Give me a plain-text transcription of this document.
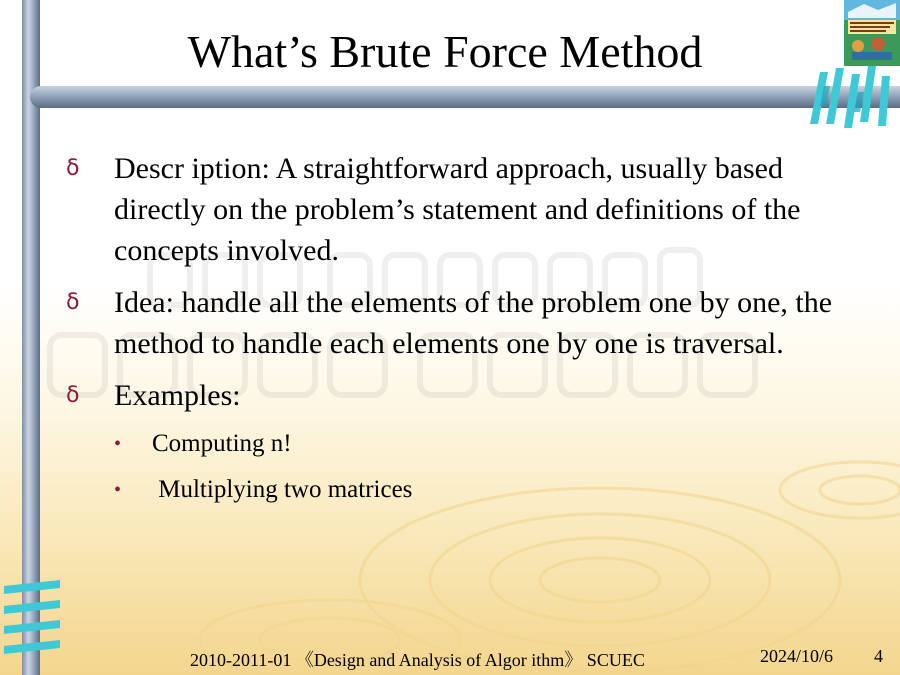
What’s Brute Force Method
ẟ	Descr iption: A straightforward approach, usually based directly on the problem’s statement and definitions of the concepts involved.
ẟ	Idea: handle all the elements of the problem one by one, the method to handle each elements one by one is traversal.
ẟ	Examples:
•	Computing n!
•	Multiplying two matrices
2010-2011-01 《Design and Analysis of Algor ithm》 SCUEC	2024/10/6 4
